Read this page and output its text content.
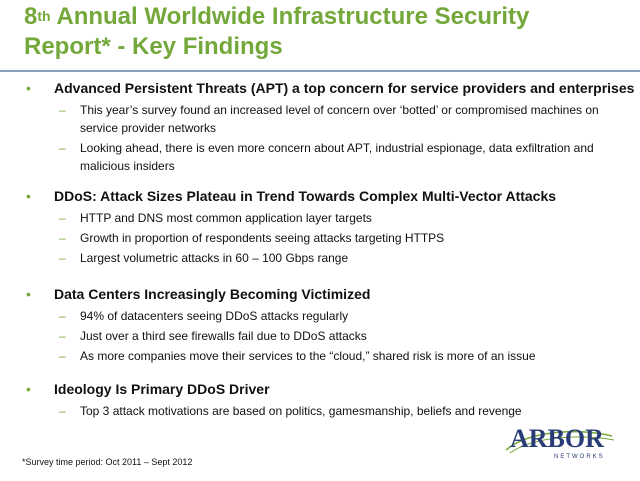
8th Annual Worldwide Infrastructure Security
Report* - Key Findings
• Advanced Persistent Threats (APT) a top concern for service providers and enterprises
– This year’s survey found an increased level of concern over ‘botted’ or compromised machines on service provider networks
– Looking ahead, there is even more concern about APT, industrial espionage, data exfiltration and malicious insiders
• DDoS: Attack Sizes Plateau in Trend Towards Complex Multi-Vector Attacks
– HTTP and DNS most common application layer targets
– Growth in proportion of respondents seeing attacks targeting HTTPS
– Largest volumetric attacks in 60 – 100 Gbps range
• Data Centers Increasingly Becoming Victimized
– 94% of datacenters seeing DDoS attacks regularly
– Just over a third see firewalls fail due to DDoS attacks
– As more companies move their services to the “cloud,” shared risk is more of an issue
• Ideology Is Primary DDoS Driver
– Top 3 attack motivations are based on politics, gamesmanship, beliefs and revenge
*Survey time period: Oct 2011 – Sept 2012
ARBOR
NETWORKS
